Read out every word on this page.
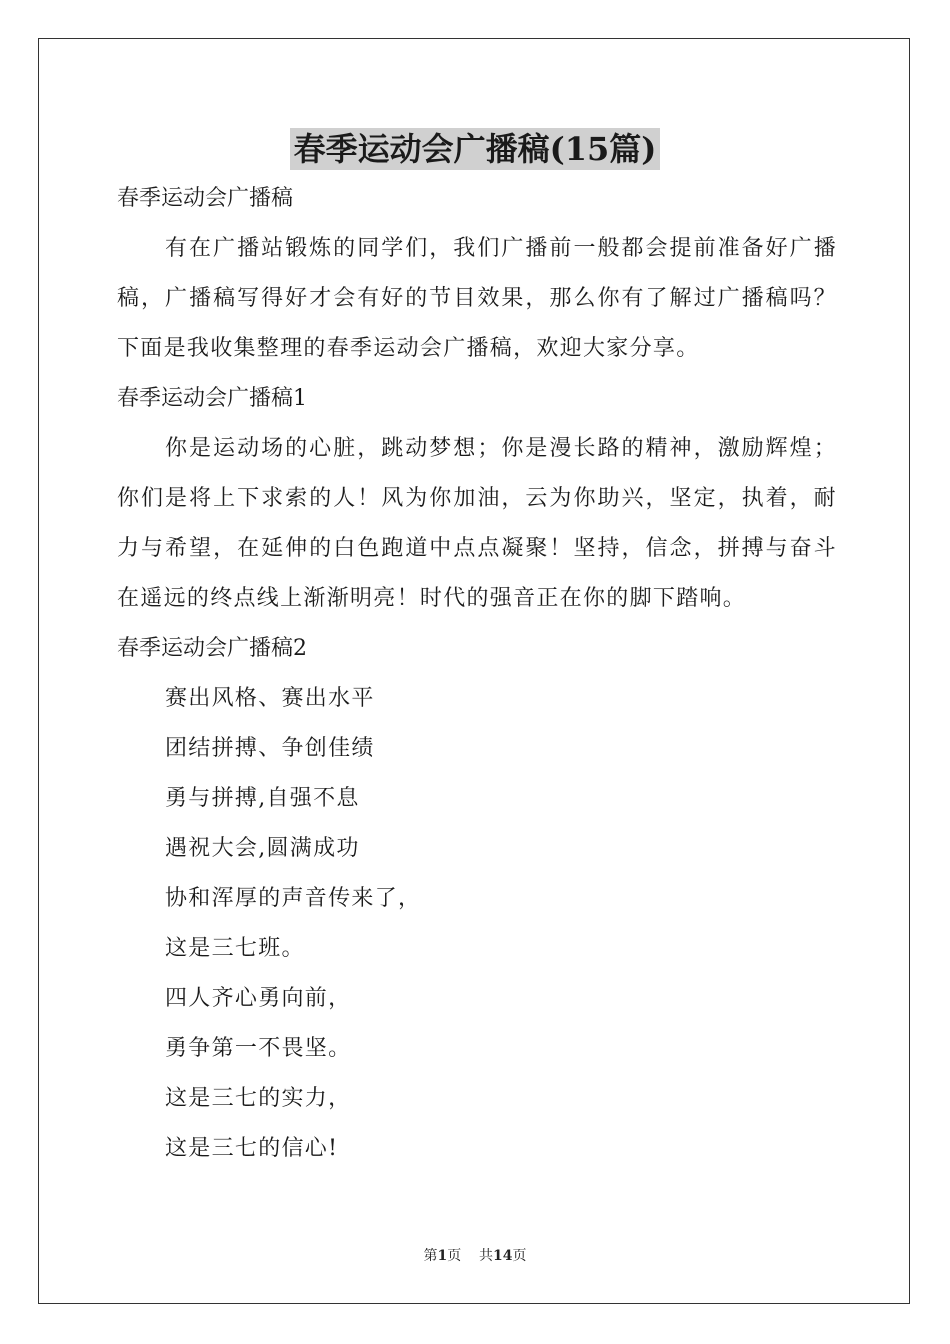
春季运动会广播稿(15篇)

春季运动会广播稿

有在广播站锻炼的同学们，我们广播前一般都会提前准备好广播稿，广播稿写得好才会有好的节目效果，那么你有了解过广播稿吗？下面是我收集整理的春季运动会广播稿，欢迎大家分享。

春季运动会广播稿1

你是运动场的心脏，跳动梦想；你是漫长路的精神，激励辉煌；你们是将上下求索的人！风为你加油，云为你助兴，坚定，执着，耐力与希望，在延伸的白色跑道中点点凝聚！坚持，信念，拼搏与奋斗在遥远的终点线上渐渐明亮！时代的强音正在你的脚下踏响。

春季运动会广播稿2

赛出风格、赛出水平

团结拼搏、争创佳绩

勇与拼搏,自强不息

遇祝大会,圆满成功

协和浑厚的声音传来了，

这是三七班。

四人齐心勇向前，

勇争第一不畏坚。

这是三七的实力，

这是三七的信心!

第1页 共14页
